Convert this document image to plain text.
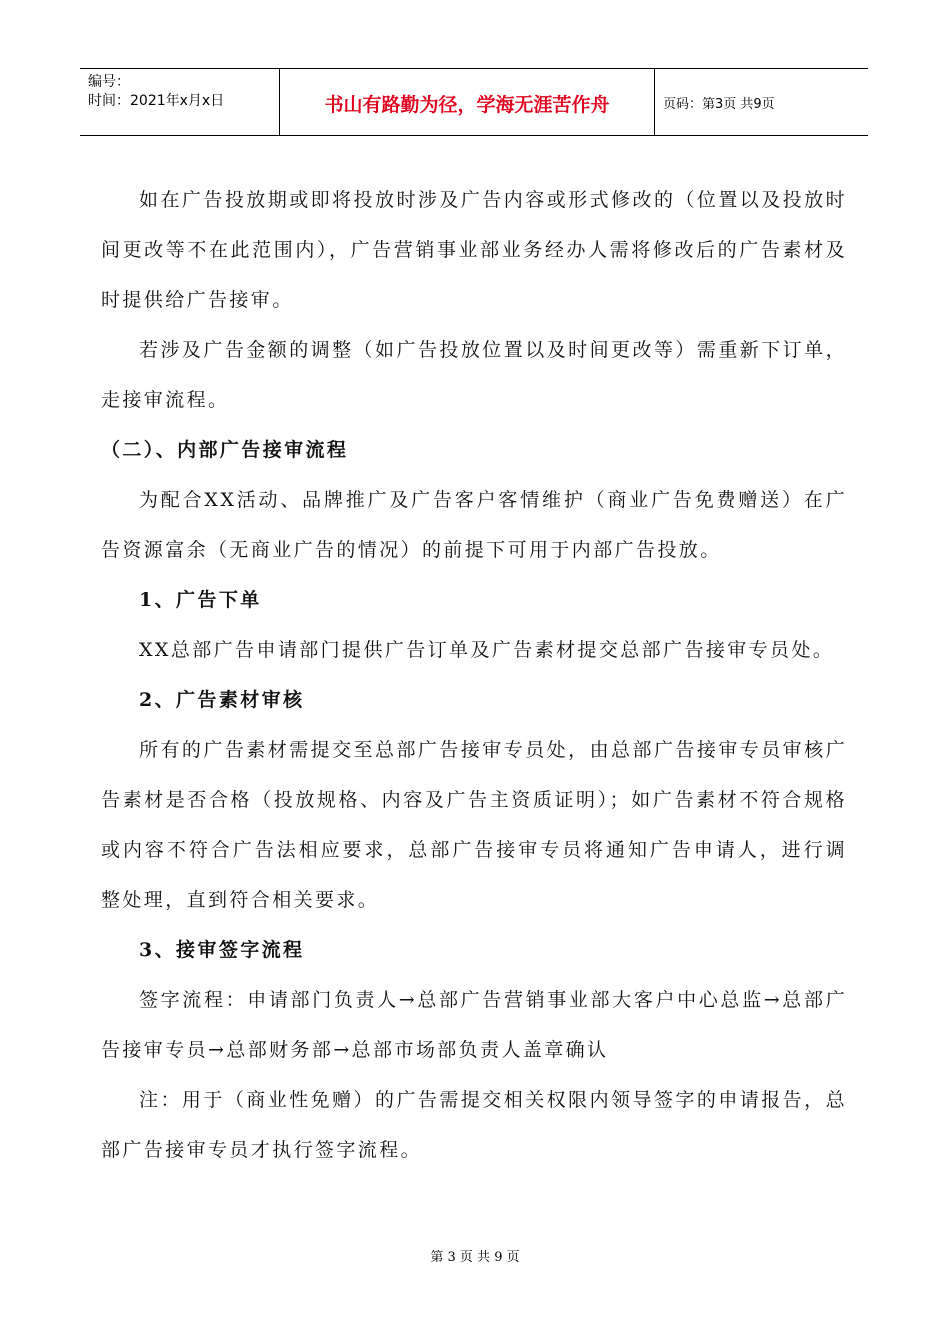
编号：
时间：2021年x月x日	书山有路勤为径，学海无涯苦作舟	页码：第3页 共9页

如在广告投放期或即将投放时涉及广告内容或形式修改的（位置以及投放时间更改等不在此范围内），广告营销事业部业务经办人需将修改后的广告素材及时提供给广告接审。

若涉及广告金额的调整（如广告投放位置以及时间更改等）需重新下订单，走接审流程。

（二）、内部广告接审流程

为配合XX活动、品牌推广及广告客户客情维护（商业广告免费赠送）在广告资源富余（无商业广告的情况）的前提下可用于内部广告投放。

1、广告下单

XX总部广告申请部门提供广告订单及广告素材提交总部广告接审专员处。

2、广告素材审核

所有的广告素材需提交至总部广告接审专员处，由总部广告接审专员审核广告素材是否合格（投放规格、内容及广告主资质证明）；如广告素材不符合规格或内容不符合广告法相应要求，总部广告接审专员将通知广告申请人，进行调整处理，直到符合相关要求。

3、接审签字流程

签字流程：申请部门负责人→总部广告营销事业部大客户中心总监→总部广告接审专员→总部财务部→总部市场部负责人盖章确认

注：用于（商业性免赠）的广告需提交相关权限内领导签字的申请报告，总部广告接审专员才执行签字流程。

第 3 页 共 9 页
